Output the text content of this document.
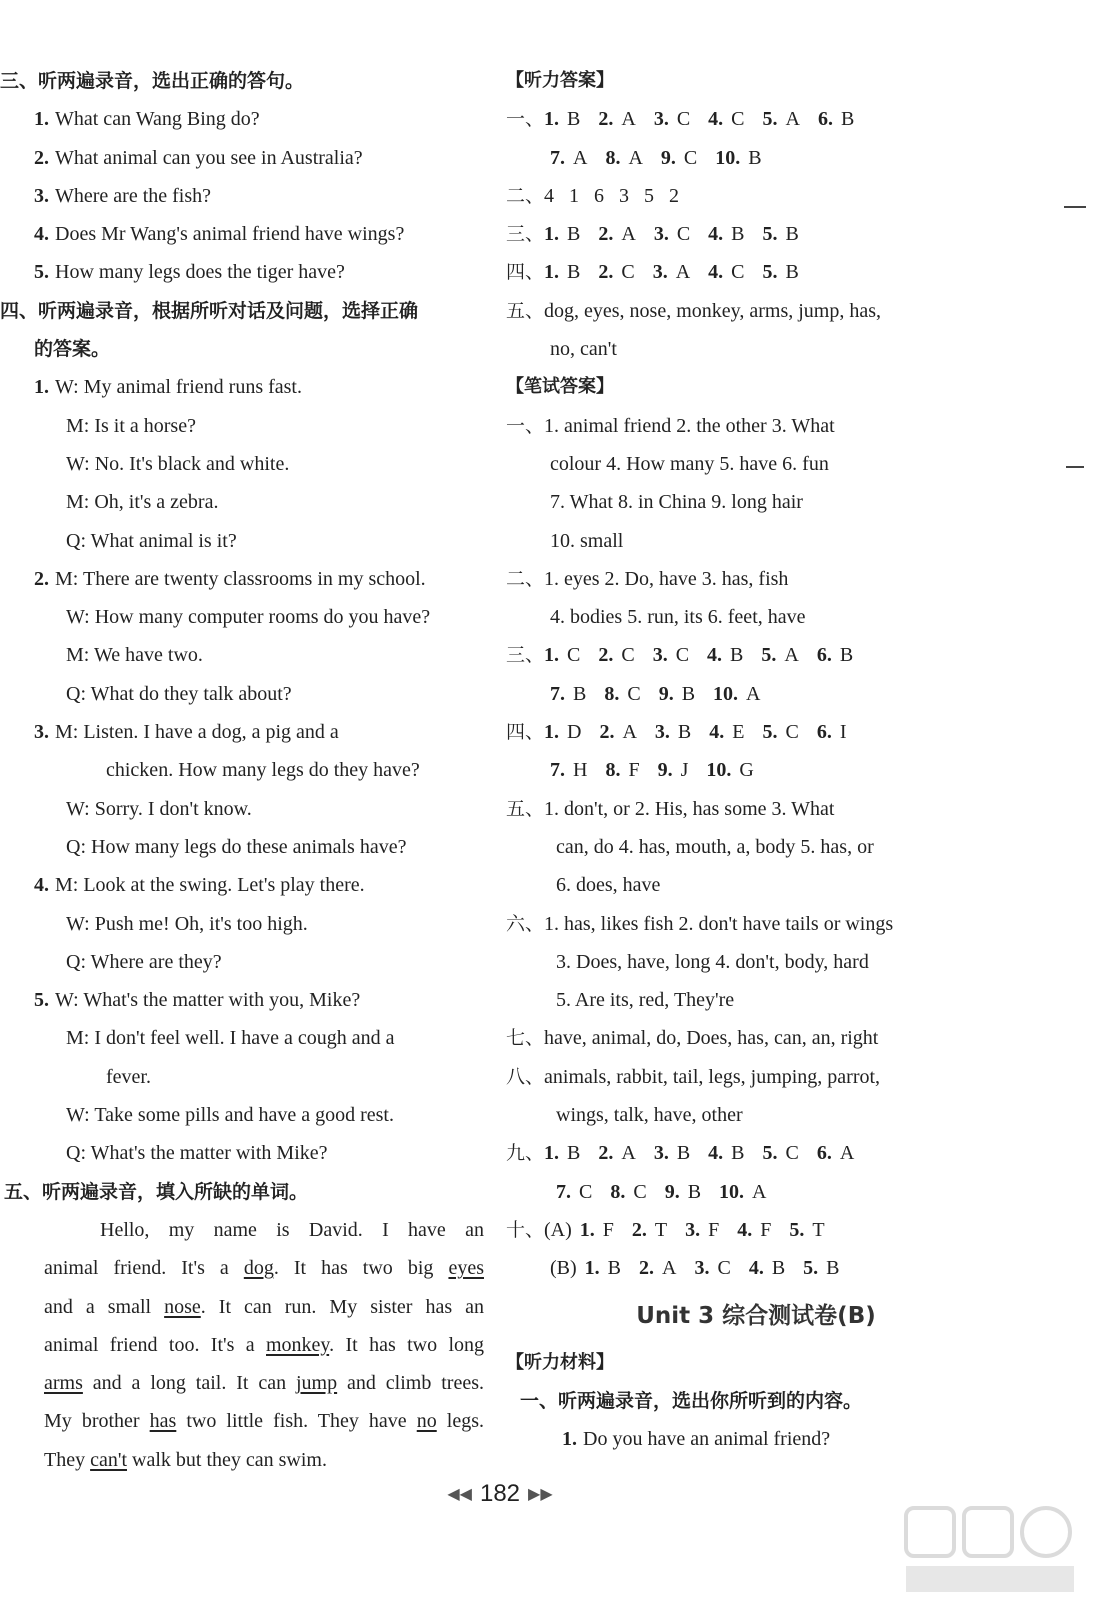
三、听两遍录音，选出正确的答句。
1. What can Wang Bing do?
2. What animal can you see in Australia?
3. Where are the fish?
4. Does Mr Wang's animal friend have wings?
5. How many legs does the tiger have?
四、听两遍录音，根据所听对话及问题，选择正确
的答案。
1. W: My animal friend runs fast.
M: Is it a horse?
W: No. It's black and white.
M: Oh, it's a zebra.
Q: What animal is it?
2. M: There are twenty classrooms in my school.
W: How many computer rooms do you have?
M: We have two.
Q: What do they talk about?
3. M: Listen. I have a dog, a pig and a
chicken. How many legs do they have?
W: Sorry. I don't know.
Q: How many legs do these animals have?
4. M: Look at the swing. Let's play there.
W: Push me! Oh, it's too high.
Q: Where are they?
5. W: What's the matter with you, Mike?
M: I don't feel well. I have a cough and a
fever.
W: Take some pills and have a good rest.
Q: What's the matter with Mike?
五、听两遍录音，填入所缺的单词。
Hello, my name is David. I have an
animal friend. It's a dog. It has two big eyes
and a small nose. It can run. My sister has an
animal friend too. It's a monkey. It has two long
arms and a long tail. It can jump and climb trees.
My brother has two little fish. They have no legs.
They can't walk but they can swim.
【听力答案】
一、1. B 2. A 3. C 4. C 5. A 6. B
7. A 8. A 9. C 10. B
二、4   1   6   3   5   2
三、1. B 2. A 3. C 4. B 5. B
四、1. B 2. C 3. A 4. C 5. B
五、dog, eyes, nose, monkey, arms, jump, has,
no, can't
【笔试答案】
一、1. animal friend 2. the other 3. What
colour 4. How many 5. have 6. fun
7. What 8. in China 9. long hair
10. small
二、1. eyes 2. Do, have 3. has, fish
4. bodies 5. run, its 6. feet, have
三、1. C 2. C 3. C 4. B 5. A 6. B
7. B 8. C 9. B 10. A
四、1. D 2. A 3. B 4. E 5. C 6. I
7. H 8. F 9. J 10. G
五、1. don't, or 2. His, has some 3. What
can, do 4. has, mouth, a, body 5. has, or
6. does, have
六、1. has, likes fish 2. don't have tails or wings
3. Does, have, long 4. don't, body, hard
5. Are its, red, They're
七、have, animal, do, Does, has, can, an, right
八、animals, rabbit, tail, legs, jumping, parrot,
wings, talk, have, other
九、1. B 2. A 3. B 4. B 5. C 6. A
7. C 8. C 9. B 10. A
十、(A) 1. F 2. T 3. F 4. F 5. T
(B) 1. B 2. A 3. C 4. B 5. B
Unit 3 综合测试卷(B)
【听力材料】
一、听两遍录音，选出你所听到的内容。
1. Do you have an animal friend?
◀◀ 182 ▶▶
